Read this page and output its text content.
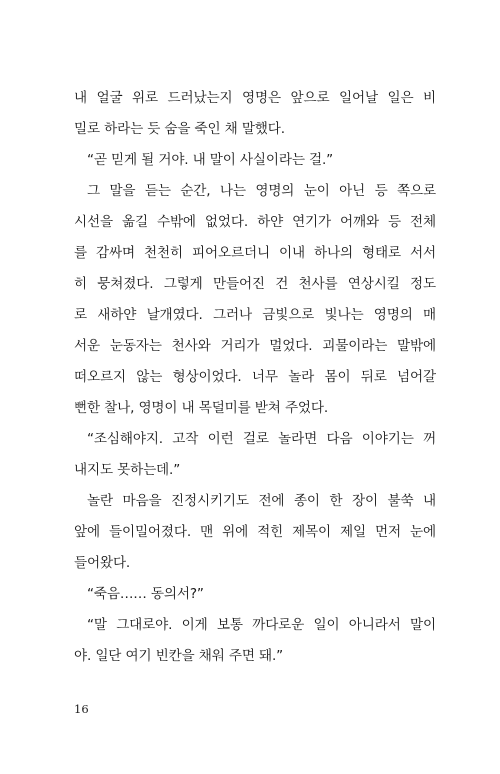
내 얼굴 위로 드러났는지 영명은 앞으로 일어날 일은 비
밀로 하라는 듯 숨을 죽인 채 말했다.
“곧 믿게 될 거야. 내 말이 사실이라는 걸.”
그 말을 듣는 순간, 나는 영명의 눈이 아닌 등 쪽으로
시선을 옮길 수밖에 없었다. 하얀 연기가 어깨와 등 전체
를 감싸며 천천히 피어오르더니 이내 하나의 형태로 서서
히 뭉쳐졌다. 그렇게 만들어진 건 천사를 연상시킬 정도
로 새하얀 날개였다. 그러나 금빛으로 빛나는 영명의 매
서운 눈동자는 천사와 거리가 멀었다. 괴물이라는 말밖에
떠오르지 않는 형상이었다. 너무 놀라 몸이 뒤로 넘어갈
뻔한 찰나, 영명이 내 목덜미를 받쳐 주었다.
“조심해야지. 고작 이런 걸로 놀라면 다음 이야기는 꺼
내지도 못하는데.”
놀란 마음을 진정시키기도 전에 종이 한 장이 불쑥 내
앞에 들이밀어졌다. 맨 위에 적힌 제목이 제일 먼저 눈에
들어왔다.
“죽음…… 동의서?”
“말 그대로야. 이게 보통 까다로운 일이 아니라서 말이
야. 일단 여기 빈칸을 채워 주면 돼.”
16
